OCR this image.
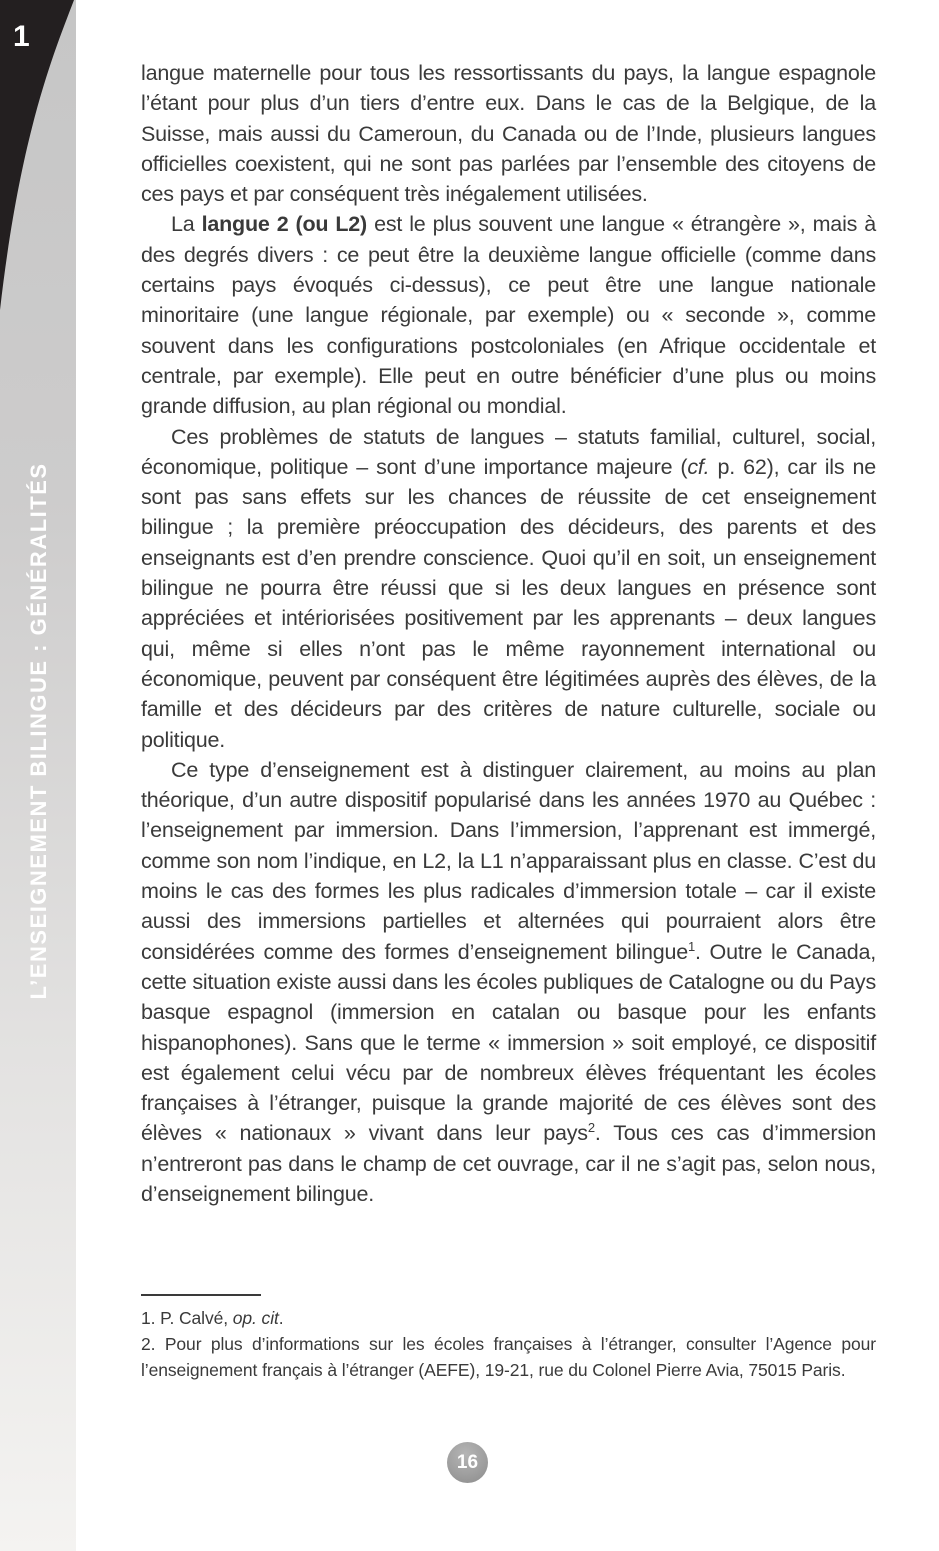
1
L’ENSEIGNEMENT BILINGUE : GÉNÉRALITÉS

langue maternelle pour tous les ressortissants du pays, la langue espagnole l’étant pour plus d’un tiers d’entre eux. Dans le cas de la Belgique, de la Suisse, mais aussi du Cameroun, du Canada ou de l’Inde, plusieurs langues officielles coexistent, qui ne sont pas parlées par l’ensemble des citoyens de ces pays et par conséquent très inégalement utilisées.

La langue 2 (ou L2) est le plus souvent une langue « étrangère », mais à des degrés divers : ce peut être la deuxième langue officielle (comme dans certains pays évoqués ci-dessus), ce peut être une langue nationale minoritaire (une langue régionale, par exemple) ou « seconde », comme souvent dans les configurations postcoloniales (en Afrique occidentale et centrale, par exemple). Elle peut en outre bénéficier d’une plus ou moins grande diffusion, au plan régional ou mondial.

Ces problèmes de statuts de langues – statuts familial, culturel, social, économique, politique – sont d’une importance majeure (cf. p. 62), car ils ne sont pas sans effets sur les chances de réussite de cet enseignement bilingue ; la première préoccupation des décideurs, des parents et des enseignants est d’en prendre conscience. Quoi qu’il en soit, un enseignement bilingue ne pourra être réussi que si les deux langues en présence sont appréciées et intériorisées positivement par les apprenants – deux langues qui, même si elles n’ont pas le même rayonnement international ou économique, peuvent par conséquent être légitimées auprès des élèves, de la famille et des décideurs par des critères de nature culturelle, sociale ou politique.

Ce type d’enseignement est à distinguer clairement, au moins au plan théorique, d’un autre dispositif popularisé dans les années 1970 au Québec : l’enseignement par immersion. Dans l’immersion, l’apprenant est immergé, comme son nom l’indique, en L2, la L1 n’apparaissant plus en classe. C’est du moins le cas des formes les plus radicales d’immersion totale – car il existe aussi des immersions partielles et alternées qui pourraient alors être considérées comme des formes d’enseignement bilingue$^1$. Outre le Canada, cette situation existe aussi dans les écoles publiques de Catalogne ou du Pays basque espagnol (immersion en catalan ou basque pour les enfants hispanophones). Sans que le terme « immersion » soit employé, ce dispositif est également celui vécu par de nombreux élèves fréquentant les écoles françaises à l’étranger, puisque la grande majorité de ces élèves sont des élèves « nationaux » vivant dans leur pays$^2$. Tous ces cas d’immersion n’entreront pas dans le champ de cet ouvrage, car il ne s’agit pas, selon nous, d’enseignement bilingue.

1. P. Calvé, op. cit.

2. Pour plus d’informations sur les écoles françaises à l’étranger, consulter l’Agence pour l’enseignement français à l’étranger (AEFE), 19-21, rue du Colonel Pierre Avia, 75015 Paris.

16
